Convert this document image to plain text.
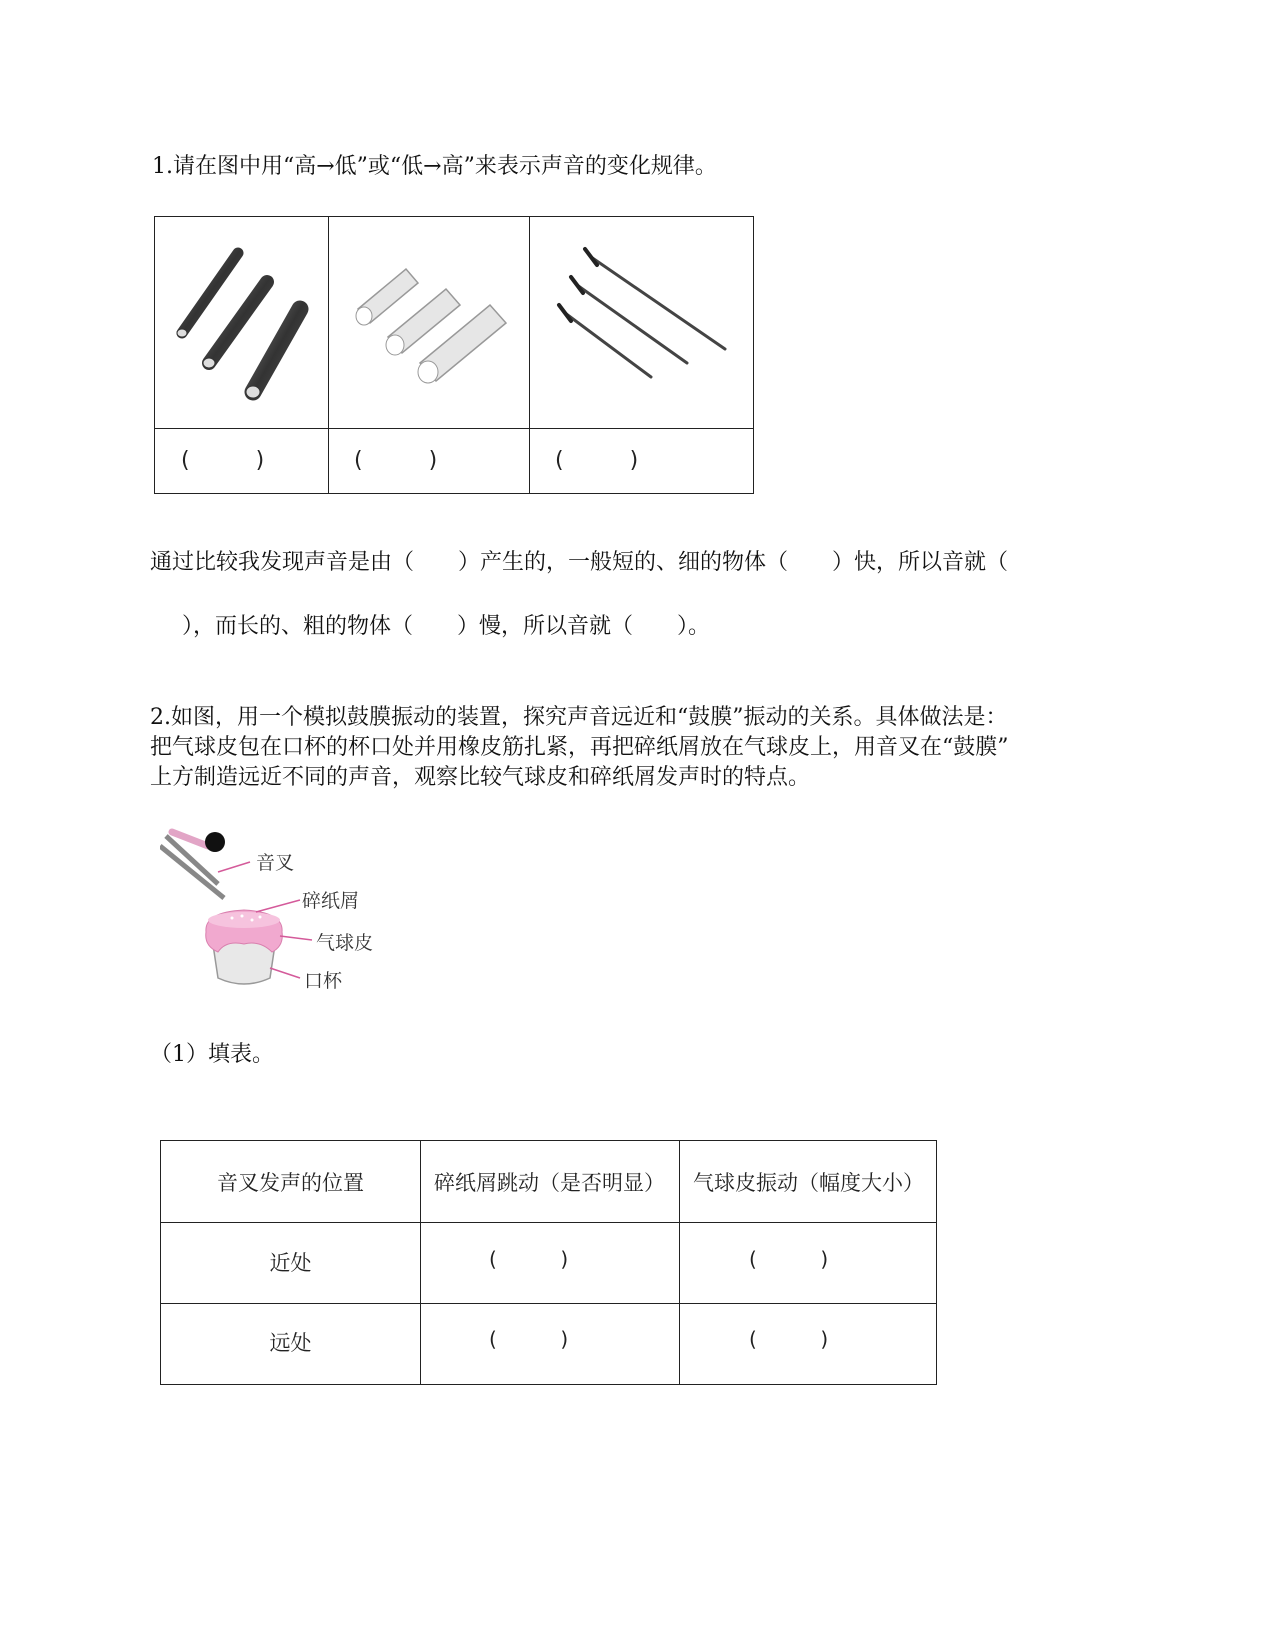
1.请在图中用“高→低”或“低→高”来表示声音的变化规律。
(　　　)	(　　　)	(　　　)
通过比较我发现声音是由（　　）产生的，一般短的、细的物体（　　）快，所以音就（
　），而长的、粗的物体（　　）慢，所以音就（　　）。
2.如图，用一个模拟鼓膜振动的装置，探究声音远近和“鼓膜”振动的关系。具体做法是：
把气球皮包在口杯的杯口处并用橡皮筋扎紧，再把碎纸屑放在气球皮上，用音叉在“鼓膜”
上方制造远近不同的声音，观察比较气球皮和碎纸屑发声时的特点。
音叉
碎纸屑
气球皮
口杯
（1）填表。
音叉发声的位置	碎纸屑跳动（是否明显）	气球皮振动（幅度大小）
近处	(          )	(          )
远处	(          )	(          )
